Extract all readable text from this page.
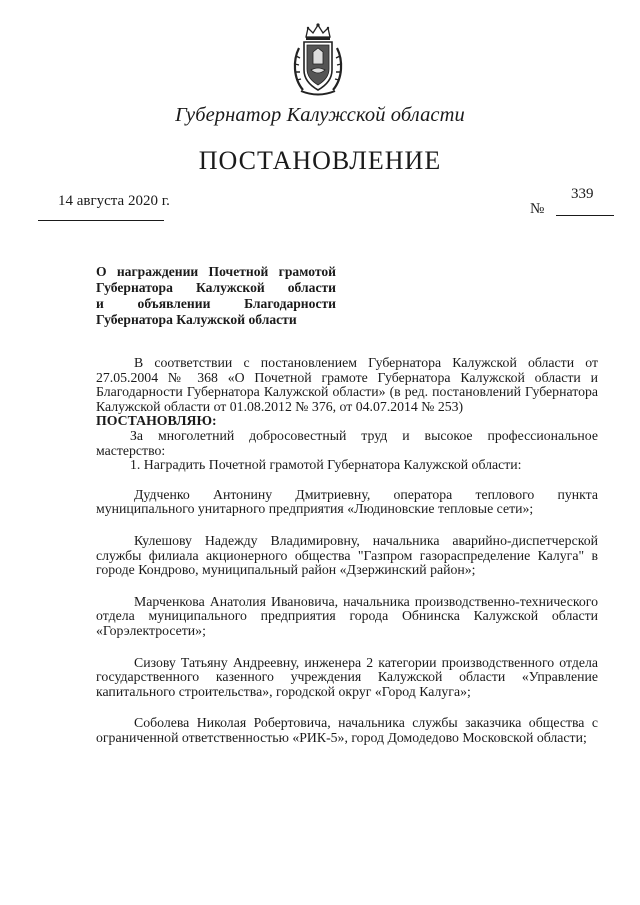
Губернатор Калужской области
ПОСТАНОВЛЕНИЕ
14 августа 2020 г.	339
№
О награждении Почетной грамотой
Губернатора Калужской области
и объявлении Благодарности
Губернатора Калужской области

В соответствии с постановлением Губернатора Калужской области от 27.05.2004 № 368 «О Почетной грамоте Губернатора Калужской области и Благодарности Губернатора Калужской области» (в ред. постановлений Губернатора Калужской области от 01.08.2012 № 376, от 04.07.2014 № 253)

ПОСТАНОВЛЯЮ:

За многолетний добросовестный труд и высокое профессиональное мастерство:

1. Наградить Почетной грамотой Губернатора Калужской области:

Дудченко Антонину Дмитриевну, оператора теплового пункта муниципального унитарного предприятия «Людиновские тепловые сети»;

Кулешову Надежду Владимировну, начальника аварийно-диспетчерской службы филиала акционерного общества "Газпром газораспределение Калуга" в городе Кондрово, муниципальный район «Дзержинский район»;

Марченкова Анатолия Ивановича, начальника производственно-технического отдела муниципального предприятия города Обнинска Калужской области «Горэлектросети»;

Сизову Татьяну Андреевну, инженера 2 категории производственного отдела государственного казенного учреждения Калужской области «Управление капитального строительства», городской округ «Город Калуга»;

Соболева Николая Робертовича, начальника службы заказчика общества с ограниченной ответственностью «РИК-5», город Домодедово Московской области;
